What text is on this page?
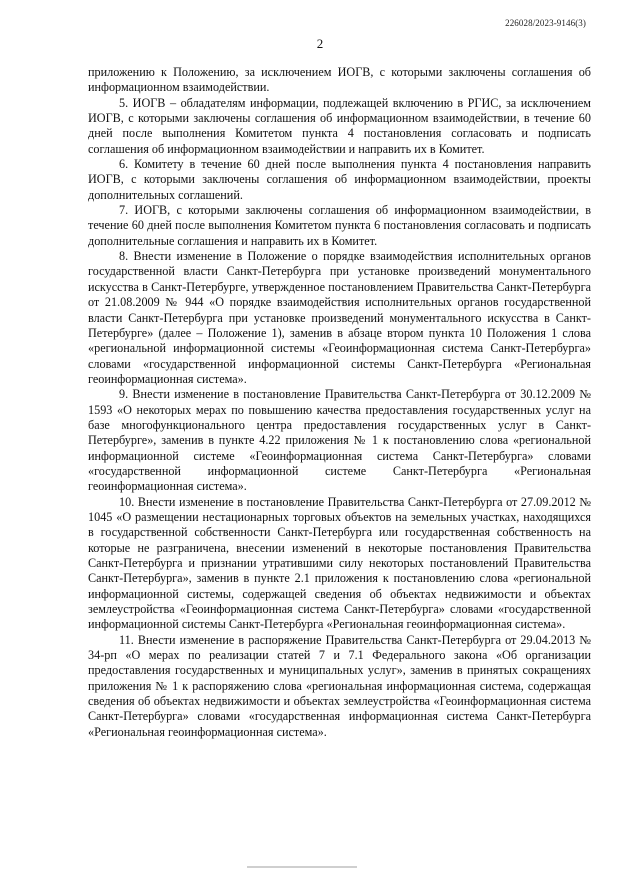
226028/2023-9146(3)
2

приложению к Положению, за исключением ИОГВ, с которыми заключены соглашения об информационном взаимодействии.

5. ИОГВ – обладателям информации, подлежащей включению в РГИС, за исключением ИОГВ, с которыми заключены соглашения об информационном взаимодействии, в течение 60 дней после выполнения Комитетом пункта 4 постановления согласовать и подписать соглашения об информационном взаимодействии и направить их в Комитет.

6. Комитету в течение 60 дней после выполнения пункта 4 постановления направить ИОГВ, с которыми заключены соглашения об информационном взаимодействии, проекты дополнительных соглашений.

7. ИОГВ, с которыми заключены соглашения об информационном взаимодействии, в течение 60 дней после выполнения Комитетом пункта 6 постановления согласовать и подписать дополнительные соглашения и направить их в Комитет.

8. Внести изменение в Положение о порядке взаимодействия исполнительных органов государственной власти Санкт-Петербурга при установке произведений монументального искусства в Санкт-Петербурге, утвержденное постановлением Правительства Санкт-Петербурга от 21.08.2009 № 944 «О порядке взаимодействия исполнительных органов государственной власти Санкт-Петербурга при установке произведений монументального искусства в Санкт-Петербурге» (далее – Положение 1), заменив в абзаце втором пункта 10 Положения 1 слова «региональной информационной системы «Геоинформационная система Санкт-Петербурга» словами «государственной информационной системы Санкт-Петербурга «Региональная геоинформационная система».

9. Внести изменение в постановление Правительства Санкт-Петербурга от 30.12.2009 № 1593 «О некоторых мерах по повышению качества предоставления государственных услуг на базе многофункционального центра предоставления государственных услуг в Санкт-Петербурге», заменив в пункте 4.22 приложения № 1 к постановлению слова «региональной информационной системе «Геоинформационная система Санкт-Петербурга» словами «государственной информационной системе Санкт-Петербурга «Региональная геоинформационная система».

10. Внести изменение в постановление Правительства Санкт-Петербурга от 27.09.2012 № 1045 «О размещении нестационарных торговых объектов на земельных участках, находящихся в государственной собственности Санкт-Петербурга или государственная собственность на которые не разграничена, внесении изменений в некоторые постановления Правительства Санкт-Петербурга и признании утратившими силу некоторых постановлений Правительства Санкт-Петербурга», заменив в пункте 2.1 приложения к постановлению слова «региональной информационной системы, содержащей сведения об объектах недвижимости и объектах землеустройства «Геоинформационная система Санкт-Петербурга» словами «государственной информационной системы Санкт-Петербурга «Региональная геоинформационная система».

11. Внести изменение в распоряжение Правительства Санкт-Петербурга от 29.04.2013 № 34-рп «О мерах по реализации статей 7 и 7.1 Федерального закона «Об организации предоставления государственных и муниципальных услуг», заменив в принятых сокращениях приложения № 1 к распоряжению слова «региональная информационная система, содержащая сведения об объектах недвижимости и объектах землеустройства «Геоинформационная система Санкт-Петербурга» словами «государственная информационная система Санкт-Петербурга «Региональная геоинформационная система».
